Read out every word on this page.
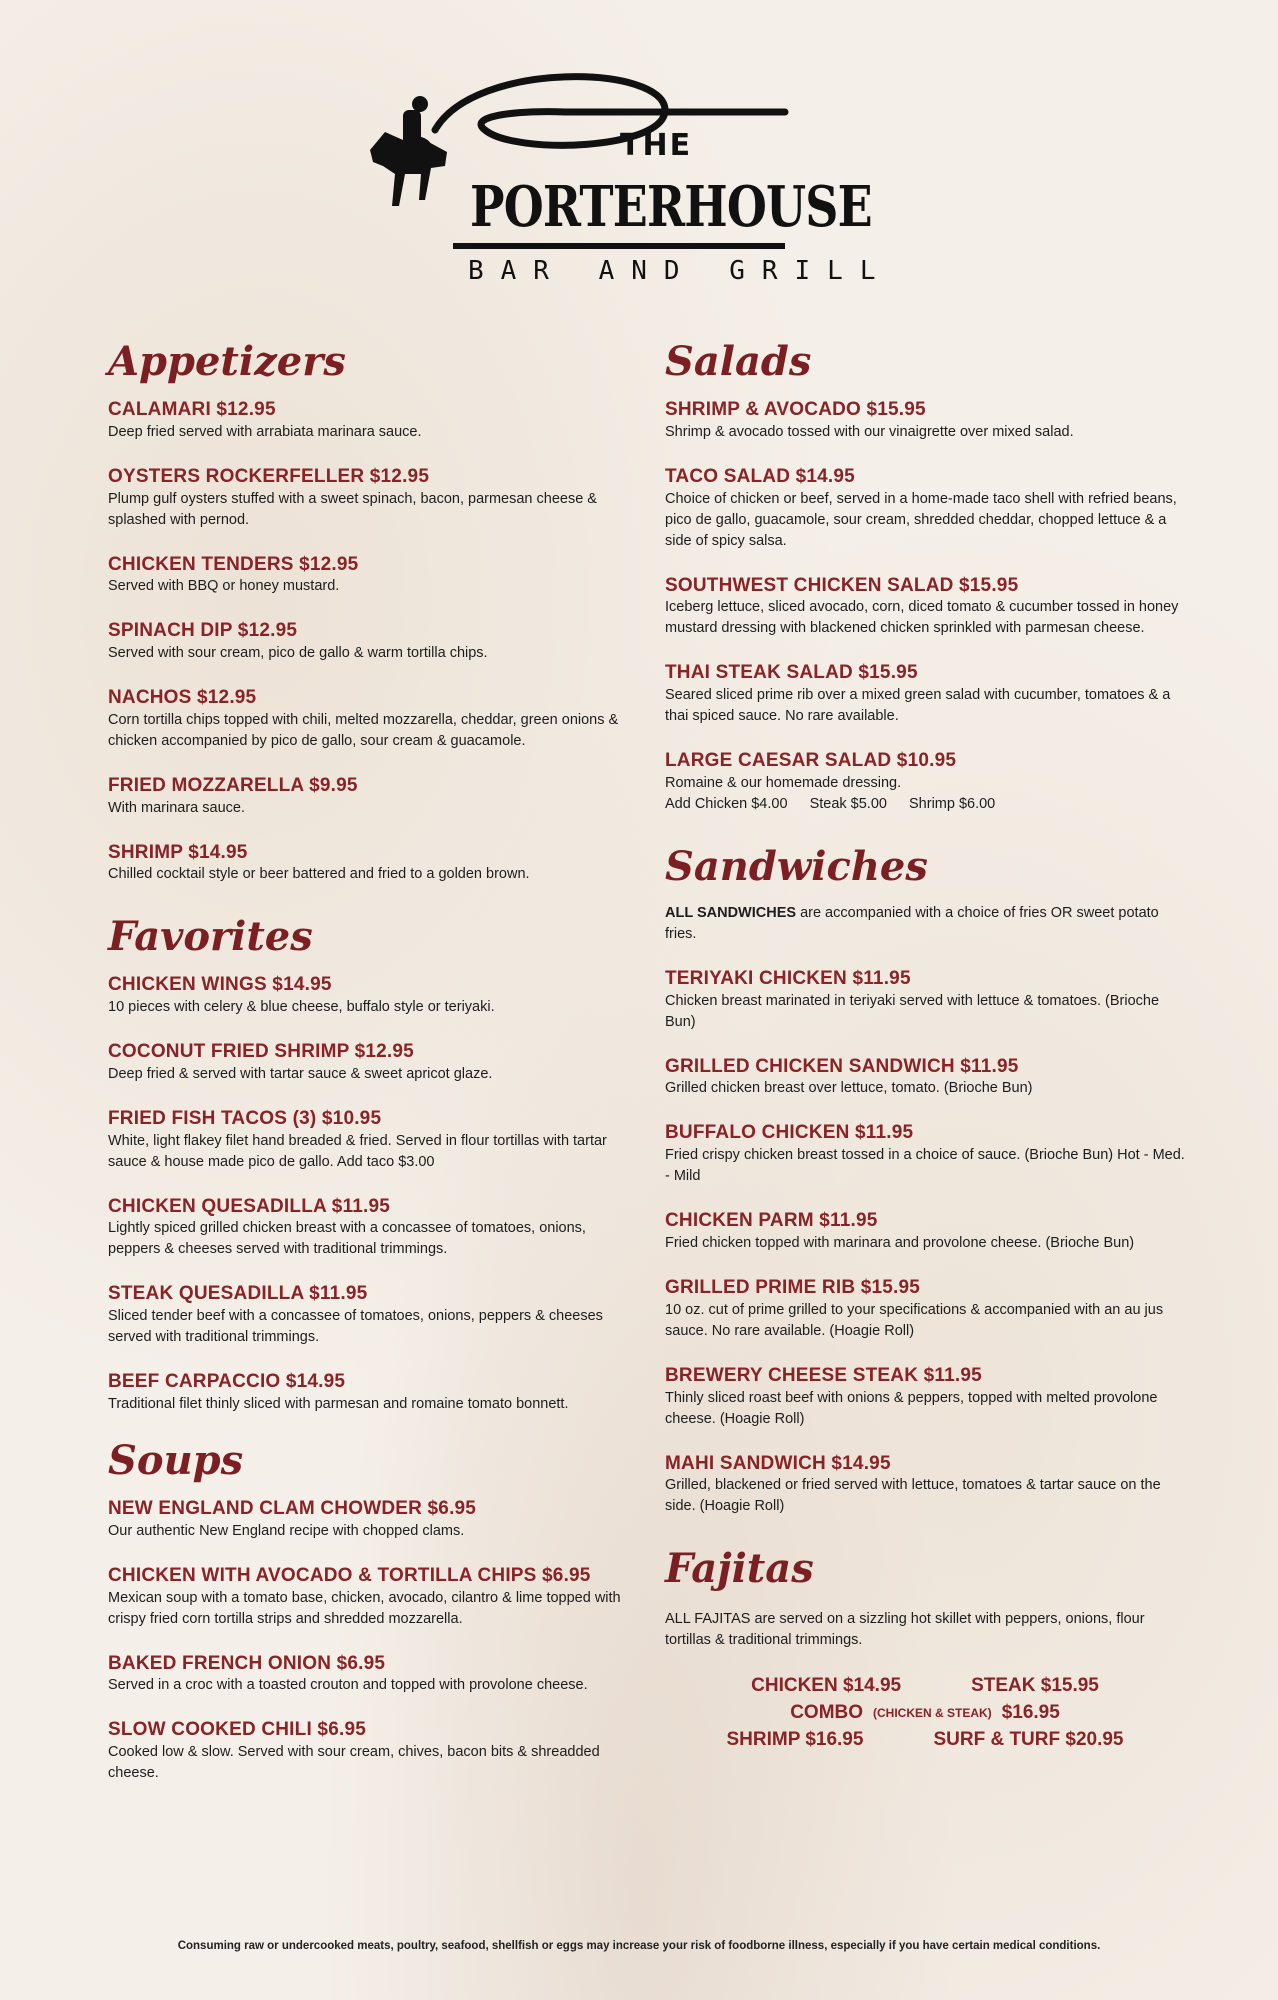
THE
PORTERHOUSE
BAR AND GRILL
Appetizers
CALAMARI $12.95
Deep fried served with arrabiata marinara sauce.
OYSTERS ROCKERFELLER $12.95
Plump gulf oysters stuffed with a sweet spinach, bacon, parmesan cheese & splashed with pernod.
CHICKEN TENDERS $12.95
Served with BBQ or honey mustard.
SPINACH DIP $12.95
Served with sour cream, pico de gallo & warm tortilla chips.
NACHOS $12.95
Corn tortilla chips topped with chili, melted mozzarella, cheddar, green onions & chicken accompanied by pico de gallo, sour cream & guacamole.
FRIED MOZZARELLA $9.95
With marinara sauce.
SHRIMP $14.95
Chilled cocktail style or beer battered and fried to a golden brown.
Favorites
CHICKEN WINGS $14.95
10 pieces with celery & blue cheese, buffalo style or teriyaki.
COCONUT FRIED SHRIMP $12.95
Deep fried & served with tartar sauce & sweet apricot glaze.
FRIED FISH TACOS (3) $10.95
White, light flakey filet hand breaded & fried. Served in flour tortillas with tartar sauce & house made pico de gallo. Add taco $3.00
CHICKEN QUESADILLA $11.95
Lightly spiced grilled chicken breast with a concassee of tomatoes, onions, peppers & cheeses served with traditional trimmings.
STEAK QUESADILLA $11.95
Sliced tender beef with a concassee of tomatoes, onions, peppers & cheeses served with traditional trimmings.
BEEF CARPACCIO $14.95
Traditional filet thinly sliced with parmesan and romaine tomato bonnett.
Soups
NEW ENGLAND CLAM CHOWDER $6.95
Our authentic New England recipe with chopped clams.
CHICKEN WITH AVOCADO & TORTILLA CHIPS $6.95
Mexican soup with a tomato base, chicken, avocado, cilantro & lime topped with crispy fried corn tortilla strips and shredded mozzarella.
BAKED FRENCH ONION $6.95
Served in a croc with a toasted crouton and topped with provolone cheese.
SLOW COOKED CHILI $6.95
Cooked low & slow. Served with sour cream, chives, bacon bits & shreadded cheese.
Salads
SHRIMP & AVOCADO $15.95
Shrimp & avocado tossed with our vinaigrette over mixed salad.
TACO SALAD $14.95
Choice of chicken or beef, served in a home-made taco shell with refried beans, pico de gallo, guacamole, sour cream, shredded cheddar, chopped lettuce & a side of spicy salsa.
SOUTHWEST CHICKEN SALAD $15.95
Iceberg lettuce, sliced avocado, corn, diced tomato & cucumber tossed in honey mustard dressing with blackened chicken sprinkled with parmesan cheese.
THAI STEAK SALAD $15.95
Seared sliced prime rib over a mixed green salad with cucumber, tomatoes & a thai spiced sauce. No rare available.
LARGE CAESAR SALAD $10.95
Romaine & our homemade dressing.
Add Chicken $4.00 Steak $5.00 Shrimp $6.00
Sandwiches
ALL SANDWICHES are accompanied with a choice of fries OR sweet potato fries.
TERIYAKI CHICKEN $11.95
Chicken breast marinated in teriyaki served with lettuce & tomatoes. (Brioche Bun)
GRILLED CHICKEN SANDWICH $11.95
Grilled chicken breast over lettuce, tomato. (Brioche Bun)
BUFFALO CHICKEN $11.95
Fried crispy chicken breast tossed in a choice of sauce. (Brioche Bun) Hot - Med. - Mild
CHICKEN PARM $11.95
Fried chicken topped with marinara and provolone cheese. (Brioche Bun)
GRILLED PRIME RIB $15.95
10 oz. cut of prime grilled to your specifications & accompanied with an au jus sauce. No rare available. (Hoagie Roll)
BREWERY CHEESE STEAK $11.95
Thinly sliced roast beef with onions & peppers, topped with melted provolone cheese. (Hoagie Roll)
MAHI SANDWICH $14.95
Grilled, blackened or fried served with lettuce, tomatoes & tartar sauce on the side. (Hoagie Roll)
Fajitas
ALL FAJITAS are served on a sizzling hot skillet with peppers, onions, flour tortillas & traditional trimmings.
CHICKEN $14.95	STEAK $15.95
COMBO (CHICKEN & STEAK) $16.95
SHRIMP $16.95	SURF & TURF $20.95
Consuming raw or undercooked meats, poultry, seafood, shellfish or eggs may increase your risk of foodborne illness, especially if you have certain medical conditions.
